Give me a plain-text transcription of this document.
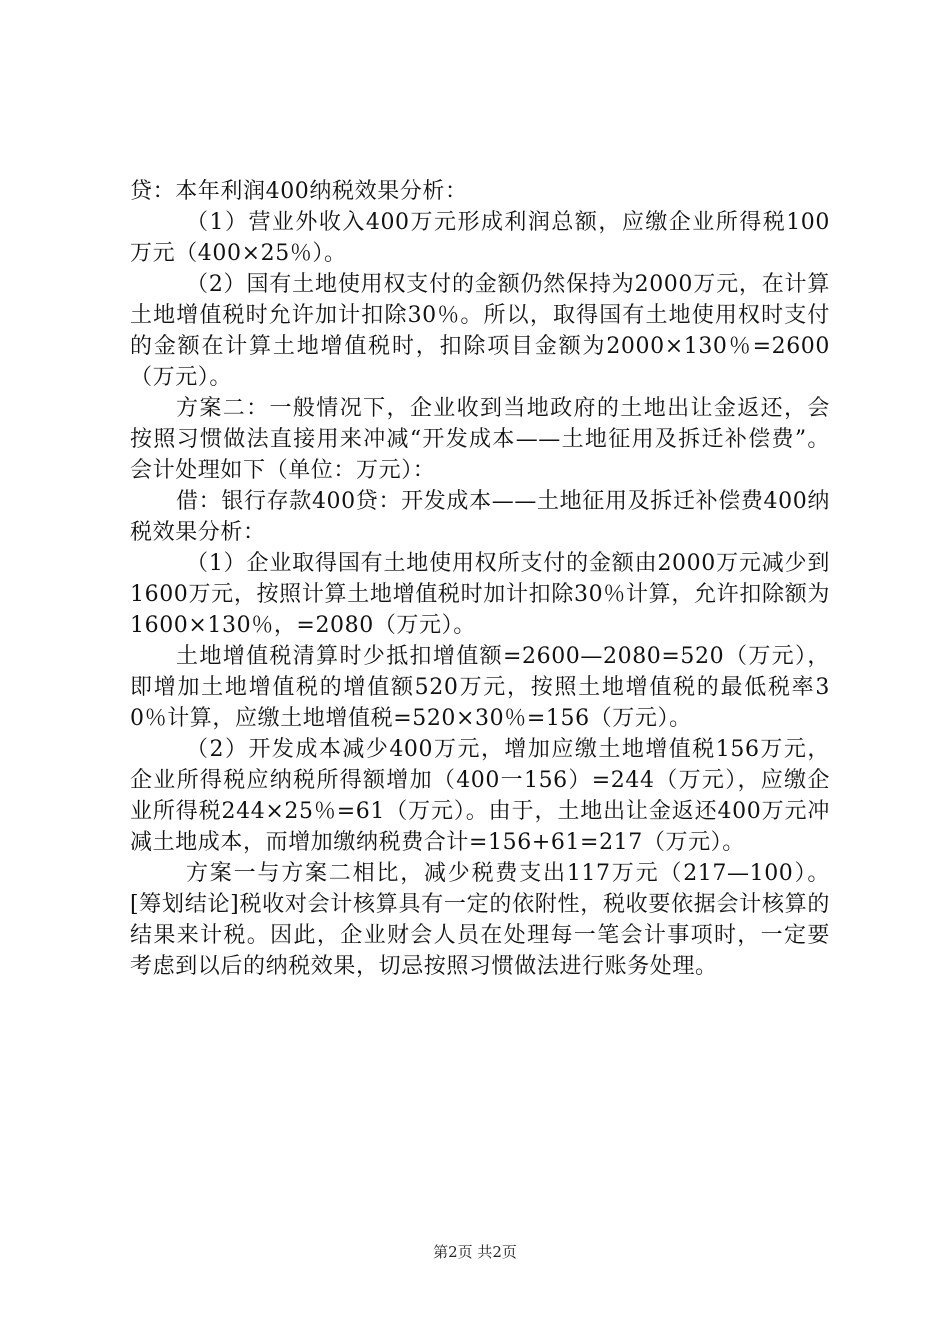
贷：本年利润400纳税效果分析：

（1）营业外收入400万元形成利润总额，应缴企业所得税100万元（400×25％）。

（2）国有土地使用权支付的金额仍然保持为2000万元，在计算土地增值税时允许加计扣除30％。所以，取得国有土地使用权时支付的金额在计算土地增值税时，扣除项目金额为2000×130％=2600（万元）。

方案二：一般情况下，企业收到当地政府的土地出让金返还，会按照习惯做法直接用来冲减“开发成本——土地征用及拆迁补偿费”。会计处理如下（单位：万元）：

借：银行存款400贷：开发成本——土地征用及拆迁补偿费400纳税效果分析：

（1）企业取得国有土地使用权所支付的金额由2000万元减少到1600万元，按照计算土地增值税时加计扣除30％计算，允许扣除额为1600×130％，=2080（万元）。

土地增值税清算时少抵扣增值额=2600—2080=520（万元），即增加土地增值税的增值额520万元，按照土地增值税的最低税率30％计算，应缴土地增值税=520×30％=156（万元）。

（2）开发成本减少400万元，增加应缴土地增值税156万元，企业所得税应纳税所得额增加（400一156）=244（万元），应缴企业所得税244×25％=61（万元）。由于，土地出让金返还400万元冲减土地成本，而增加缴纳税费合计=156+61=217（万元）。

方案一与方案二相比，减少税费支出117万元（217—100）。[筹划结论]税收对会计核算具有一定的依附性，税收要依据会计核算的结果来计税。因此，企业财会人员在处理每一笔会计事项时，一定要考虑到以后的纳税效果，切忌按照习惯做法进行账务处理。

第2页 共2页
